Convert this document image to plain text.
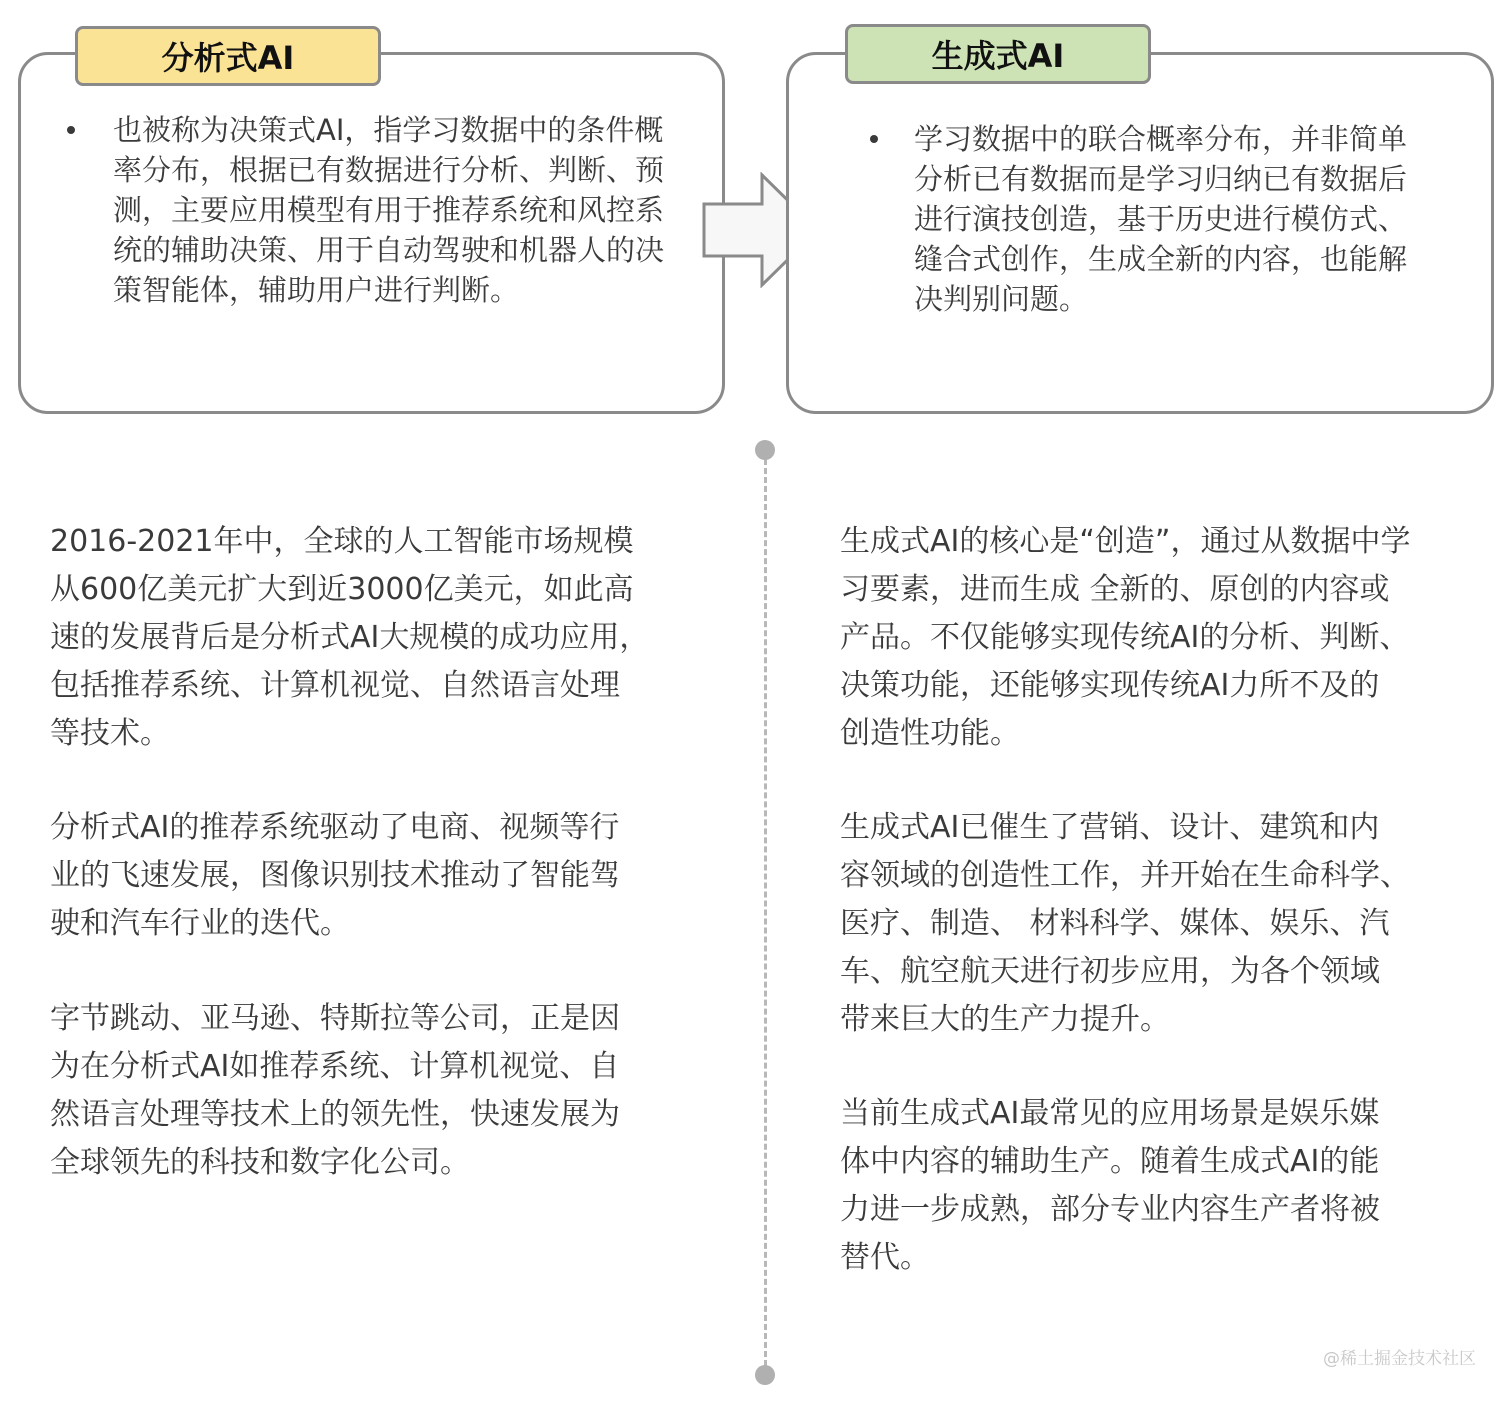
分析式AI
也被称为决策式AI，指学习数据中的条件概率分布，根据已有数据进行分析、判断、预测，主要应用模型有用于推荐系统和风控系统的辅助决策、用于自动驾驶和机器人的决策智能体，辅助用户进行判断。
生成式AI
学习数据中的联合概率分布，并非简单分析已有数据而是学习归纳已有数据后进行演技创造，基于历史进行模仿式、缝合式创作，生成全新的内容，也能解决判别问题。
2016-2021年中，全球的人工智能市场规模
从600亿美元扩大到近3000亿美元，如此高
速的发展背后是分析式AI大规模的成功应用，
包括推荐系统、计算机视觉、自然语言处理
等技术。
分析式AI的推荐系统驱动了电商、视频等行
业的飞速发展，图像识别技术推动了智能驾
驶和汽车行业的迭代。
字节跳动、亚马逊、特斯拉等公司，正是因
为在分析式AI如推荐系统、计算机视觉、自
然语言处理等技术上的领先性，快速发展为
全球领先的科技和数字化公司。
生成式AI的核心是“创造”，通过从数据中学
习要素，进而生成 全新的、原创的内容或
产品。不仅能够实现传统AI的分析、判断、
决策功能，还能够实现传统AI力所不及的
创造性功能。
生成式AI已催生了营销、设计、建筑和内
容领域的创造性工作，并开始在生命科学、
医疗、制造、 材料科学、媒体、娱乐、汽
车、航空航天进行初步应用，为各个领域
带来巨大的生产力提升。
当前生成式AI最常见的应用场景是娱乐媒
体中内容的辅助生产。随着生成式AI的能
力进一步成熟，部分专业内容生产者将被
替代。
@稀土掘金技术社区
